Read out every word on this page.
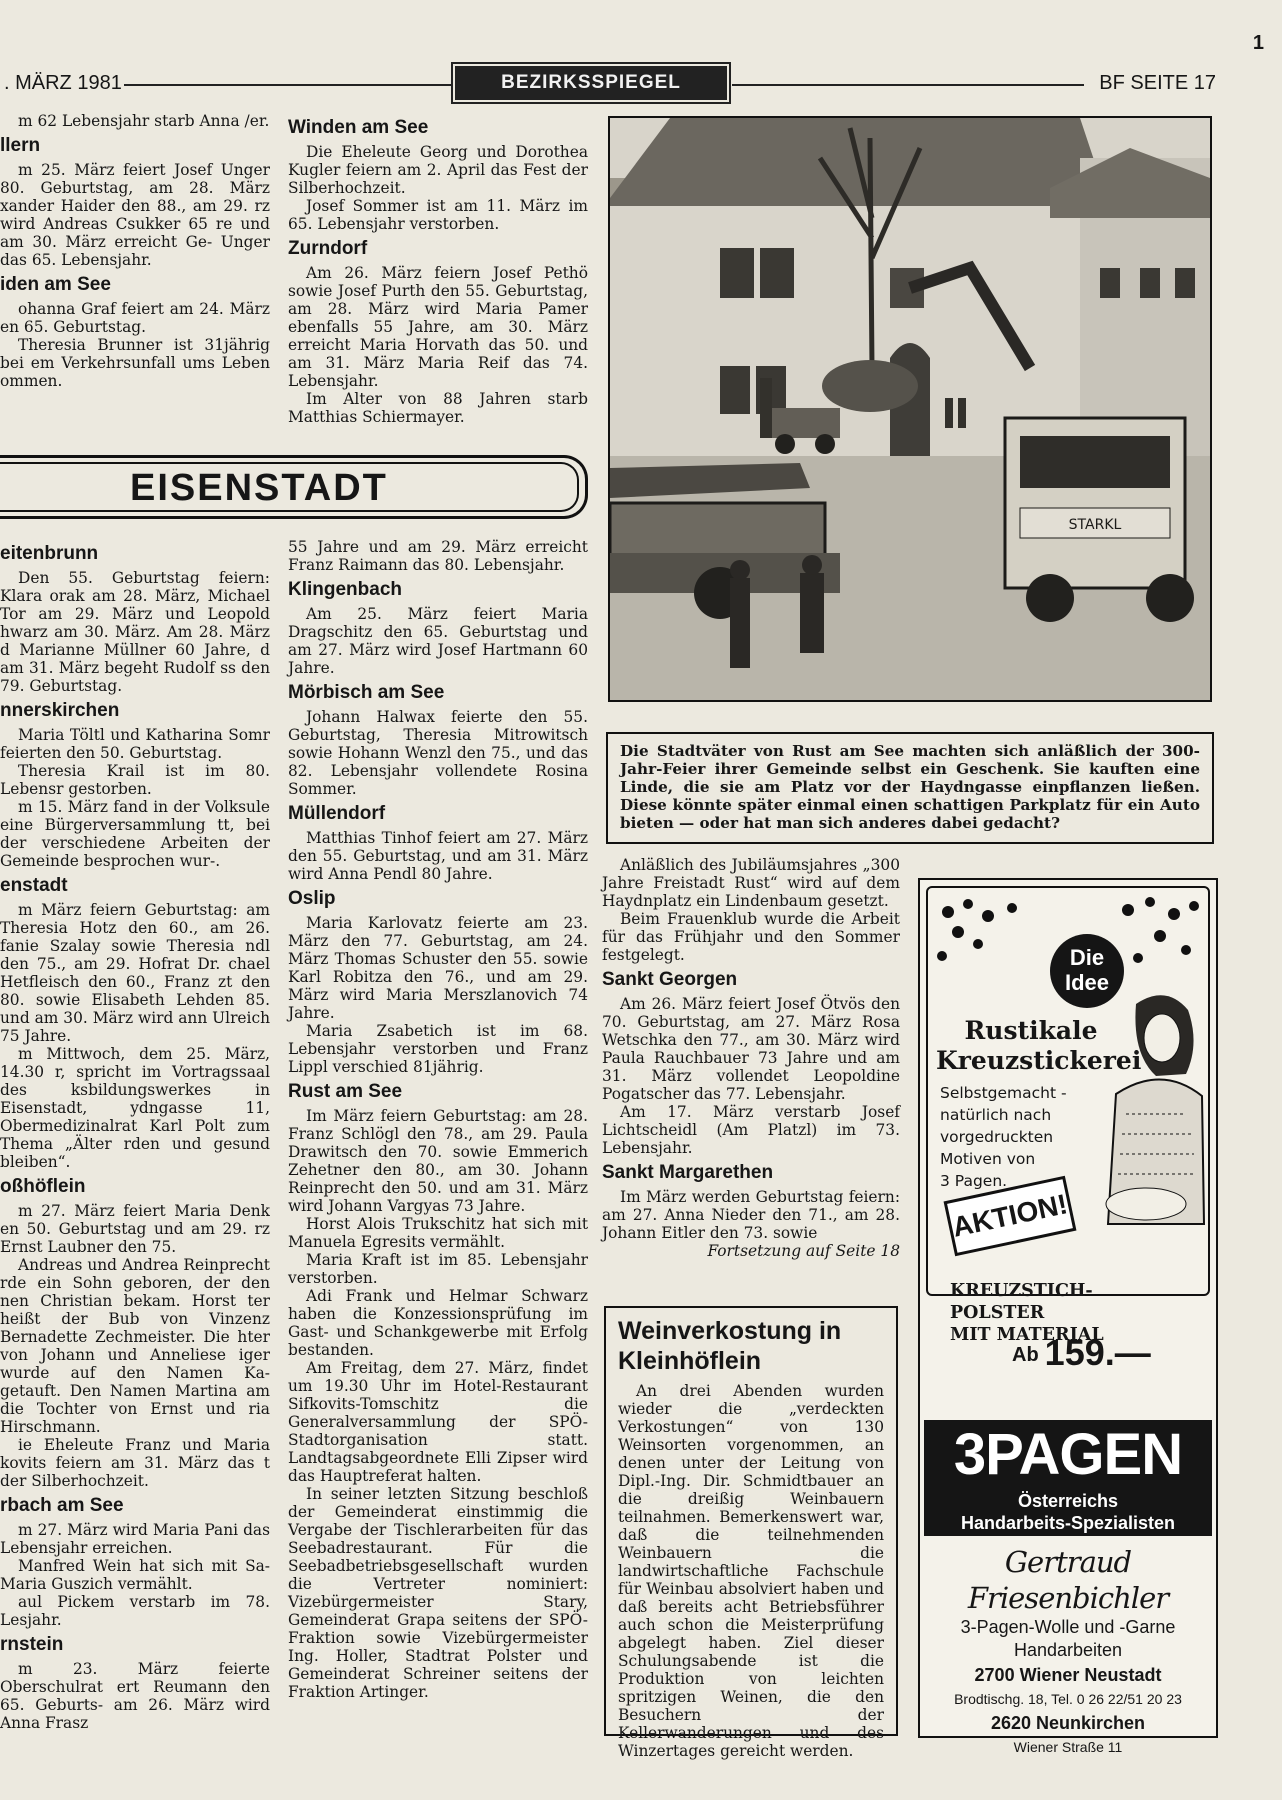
1
. MÄRZ 1981	BEZIRKSSPIEGEL	BF SEITE 17

m 62 Lebensjahr starb Anna /er.

llern

m 25. März feiert Josef Unger 80. Geburtstag, am 28. März xander Haider den 88., am 29. rz wird Andreas Csukker 65 re und am 30. März erreicht Ge- Unger das 65. Lebensjahr.

iden am See

ohanna Graf feiert am 24. März en 65. Geburtstag.

Theresia Brunner ist 31jährig bei em Verkehrsunfall ums Leben ommen.

Winden am See

Die Eheleute Georg und Dorothea Kugler feiern am 2. April das Fest der Silberhochzeit.

Josef Sommer ist am 11. März im 65. Lebensjahr verstorben.

Zurndorf

Am 26. März feiern Josef Pethö sowie Josef Purth den 55. Geburtstag, am 28. März wird Maria Pamer ebenfalls 55 Jahre, am 30. März erreicht Maria Horvath das 50. und am 31. März Maria Reif das 74. Lebensjahr.

Im Alter von 88 Jahren starb Matthias Schiermayer.

EISENSTADT
eitenbrunn

Den 55. Geburtstag feiern: Klara orak am 28. März, Michael Tor am 29. März und Leopold hwarz am 30. März. Am 28. März d Marianne Müllner 60 Jahre, d am 31. März begeht Rudolf ss den 79. Geburtstag.

nnerskirchen

Maria Töltl und Katharina Somr feierten den 50. Geburtstag.

Theresia Krail ist im 80. Lebensr gestorben.

m 15. März fand in der Volksule eine Bürgerversammlung tt, bei der verschiedene Arbeiten der Gemeinde besprochen wur-.

enstadt

m März feiern Geburtstag: am Theresia Hotz den 60., am 26. fanie Szalay sowie Theresia ndl den 75., am 29. Hofrat Dr. chael Hetfleisch den 60., Franz zt den 80. sowie Elisabeth Lehden 85. und am 30. März wird ann Ulreich 75 Jahre.

m Mittwoch, dem 25. März, 14.30 r, spricht im Vortragssaal des ksbildungswerkes in Eisenstadt, ydngasse 11, Obermedizinalrat Karl Polt zum Thema „Älter rden und gesund bleiben“.

oßhöflein

m 27. März feiert Maria Denk en 50. Geburtstag und am 29. rz Ernst Laubner den 75.

Andreas und Andrea Reinprecht rde ein Sohn geboren, der den nen Christian bekam. Horst ter heißt der Bub von Vinzenz Bernadette Zechmeister. Die hter von Johann und Anneliese iger wurde auf den Namen Ka- getauft. Den Namen Martina am die Tochter von Ernst und ria Hirschmann.

ie Eheleute Franz und Maria kovits feiern am 31. März das t der Silberhochzeit.

rbach am See

m 27. März wird Maria Pani das Lebensjahr erreichen.

Manfred Wein hat sich mit Sa- Maria Guszich vermählt.

aul Pickem verstarb im 78. Lesjahr.

rnstein

m 23. März feierte Oberschulrat ert Reumann den 65. Geburts- am 26. März wird Anna Frasz

55 Jahre und am 29. März erreicht Franz Raimann das 80. Lebensjahr.

Klingenbach

Am 25. März feiert Maria Dragschitz den 65. Geburtstag und am 27. März wird Josef Hartmann 60 Jahre.

Mörbisch am See

Johann Halwax feierte den 55. Geburtstag, Theresia Mitrowitsch sowie Hohann Wenzl den 75., und das 82. Lebensjahr vollendete Rosina Sommer.

Müllendorf

Matthias Tinhof feiert am 27. März den 55. Geburtstag, und am 31. März wird Anna Pendl 80 Jahre.

Oslip

Maria Karlovatz feierte am 23. März den 77. Geburtstag, am 24. März Thomas Schuster den 55. sowie Karl Robitza den 76., und am 29. März wird Maria Merszlanovich 74 Jahre.

Maria Zsabetich ist im 68. Lebensjahr verstorben und Franz Lippl verschied 81jährig.

Rust am See

Im März feiern Geburtstag: am 28. Franz Schlögl den 78., am 29. Paula Drawitsch den 70. sowie Emmerich Zehetner den 80., am 30. Johann Reinprecht den 50. und am 31. März wird Johann Vargyas 73 Jahre.

Horst Alois Trukschitz hat sich mit Manuela Egresits vermählt.

Maria Kraft ist im 85. Lebensjahr verstorben.

Adi Frank und Helmar Schwarz haben die Konzessionsprüfung im Gast- und Schankgewerbe mit Erfolg bestanden.

Am Freitag, dem 27. März, findet um 19.30 Uhr im Hotel-Restaurant Sifkovits-Tomschitz die Generalversammlung der SPÖ-Stadtorganisation statt. Landtagsabgeordnete Elli Zipser wird das Hauptreferat halten.

In seiner letzten Sitzung beschloß der Gemeinderat einstimmig die Vergabe der Tischlerarbeiten für das Seebadrestaurant. Für die Seebadbetriebsgesellschaft wurden die Vertreter nominiert: Vizebürgermeister Stary, Gemeinderat Grapa seitens der SPÖ-Fraktion sowie Vizebürgermeister Ing. Holler, Stadtrat Polster und Gemeinderat Schreiner seitens der Fraktion Artinger.

STARKL

Die Stadtväter von Rust am See machten sich anläßlich der 300-Jahr-Feier ihrer Gemeinde selbst ein Geschenk. Sie kauften eine Linde, die sie am Platz vor der Haydngasse einpflanzen ließen. Diese könnte später einmal einen schattigen Parkplatz für ein Auto bieten — oder hat man sich anderes dabei gedacht?

Anläßlich des Jubiläumsjahres „300 Jahre Freistadt Rust“ wird auf dem Haydnplatz ein Lindenbaum gesetzt.

Beim Frauenklub wurde die Arbeit für das Frühjahr und den Sommer festgelegt.

Sankt Georgen

Am 26. März feiert Josef Ötvös den 70. Geburtstag, am 27. März Rosa Wetschka den 77., am 30. März wird Paula Rauchbauer 73 Jahre und am 31. März vollendet Leopoldine Pogatscher das 77. Lebensjahr.

Am 17. März verstarb Josef Lichtscheidl (Am Platzl) im 73. Lebensjahr.

Sankt Margarethen

Im März werden Geburtstag feiern: am 27. Anna Nieder den 71., am 28. Johann Eitler den 73. sowie

Fortsetzung auf Seite 18

Weinverkostung in Kleinhöflein

An drei Abenden wurden wieder die „verdeckten Verkostungen“ von 130 Weinsorten vorgenommen, an denen unter der Leitung von Dipl.-Ing. Dir. Schmidtbauer an die dreißig Weinbauern teilnahmen. Bemerkenswert war, daß die teilnehmenden Weinbauern die landwirtschaftliche Fachschule für Weinbau absolviert haben und daß bereits acht Betriebsführer auch schon die Meisterprüfung abgelegt haben. Ziel dieser Schulungsabende ist die Produktion von leichten spritzigen Weinen, die den Besuchern der Kellerwanderungen und des Winzertages gereicht werden.

Die
Idee
Rustikale Kreuzstickerei
Selbstgemacht -
natürlich nach
vorgedruckten
Motiven von
3 Pagen.
AKTION!
KREUZSTICH-POLSTER
MIT MATERIAL
Ab 159.—
3PAGEN
Österreichs
Handarbeits-Spezialisten
Gertraud Friesenbichler
3-Pagen-Wolle und -Garne
Handarbeiten
2700 Wiener Neustadt
Brodtischg. 18, Tel. 0 26 22/51 20 23
2620 Neunkirchen
Wiener Straße 11
